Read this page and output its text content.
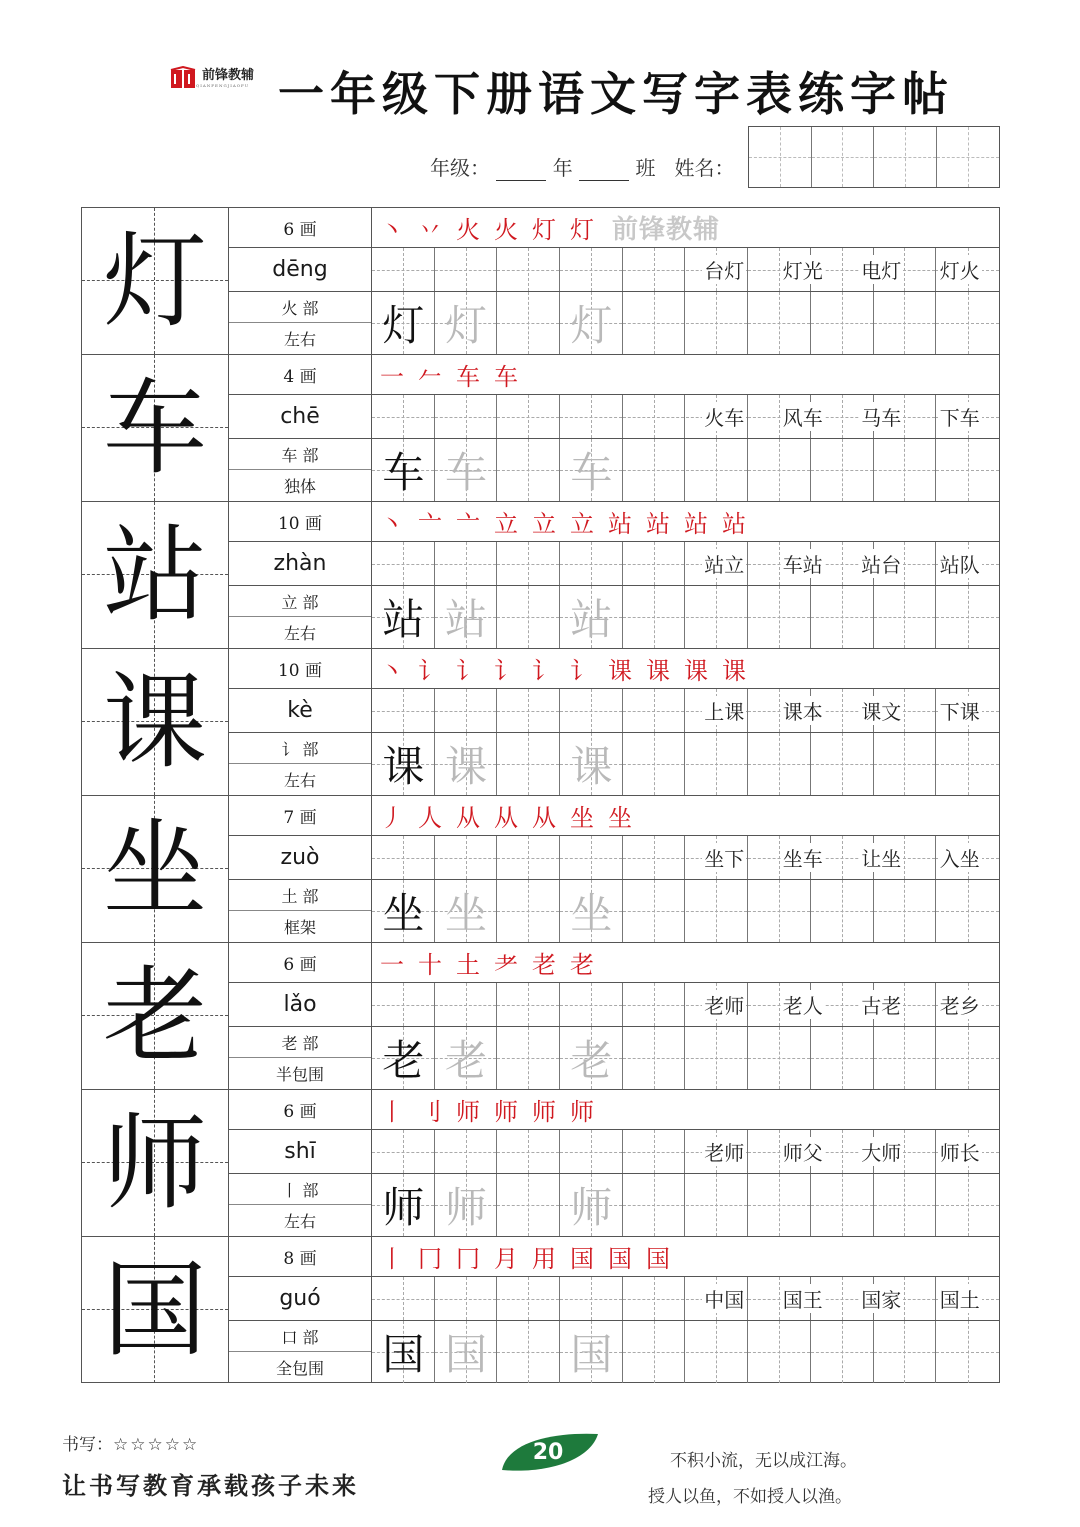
前锋教辅
QIANFENGJIAOFU 一年级下册语文写字表练字帖
年级：	年	班 姓名：
灯	6 画
dēng
火 部
左右
丶 丷 火 火 灯 灯 前锋教辅
台灯 灯光 电灯 灯火
灯 灯 灯
车	4 画
chē
车 部
独体
一 𠂉 车 车
火车 风车 马车 下车
车 车 车
站	10 画
zhàn
立 部
左右
丶 亠 亠 立 立 立 站 站 站 站
站立 车站 站台 站队
站 站 站
课	10 画
kè
讠 部
左右
丶 讠 讠 讠 讠 讠 课 课 课 课
上课 课本 课文 下课
课 课 课
坐	7 画
zuò
土 部
框架
丿 人 从 从 从 坐 坐
坐下 坐车 让坐 入坐
坐 坐 坐
老	6 画
lǎo
老 部
半包围
一 十 土 耂 老 老
老师 老人 古老 老乡
老 老 老
师	6 画
shī
丨 部
左右
丨 刂 师 师 师 师
老师 师父 大师 师长
师 师 师
国	8 画
guó
口 部
全包围
丨 冂 冂 月 用 国 国 国
中国 国王 国家 国土
国 国 国
书写：☆☆☆☆☆
让书写教育承载孩子未来
20	不积小流，无以成江海。
授人以鱼，不如授人以渔。
